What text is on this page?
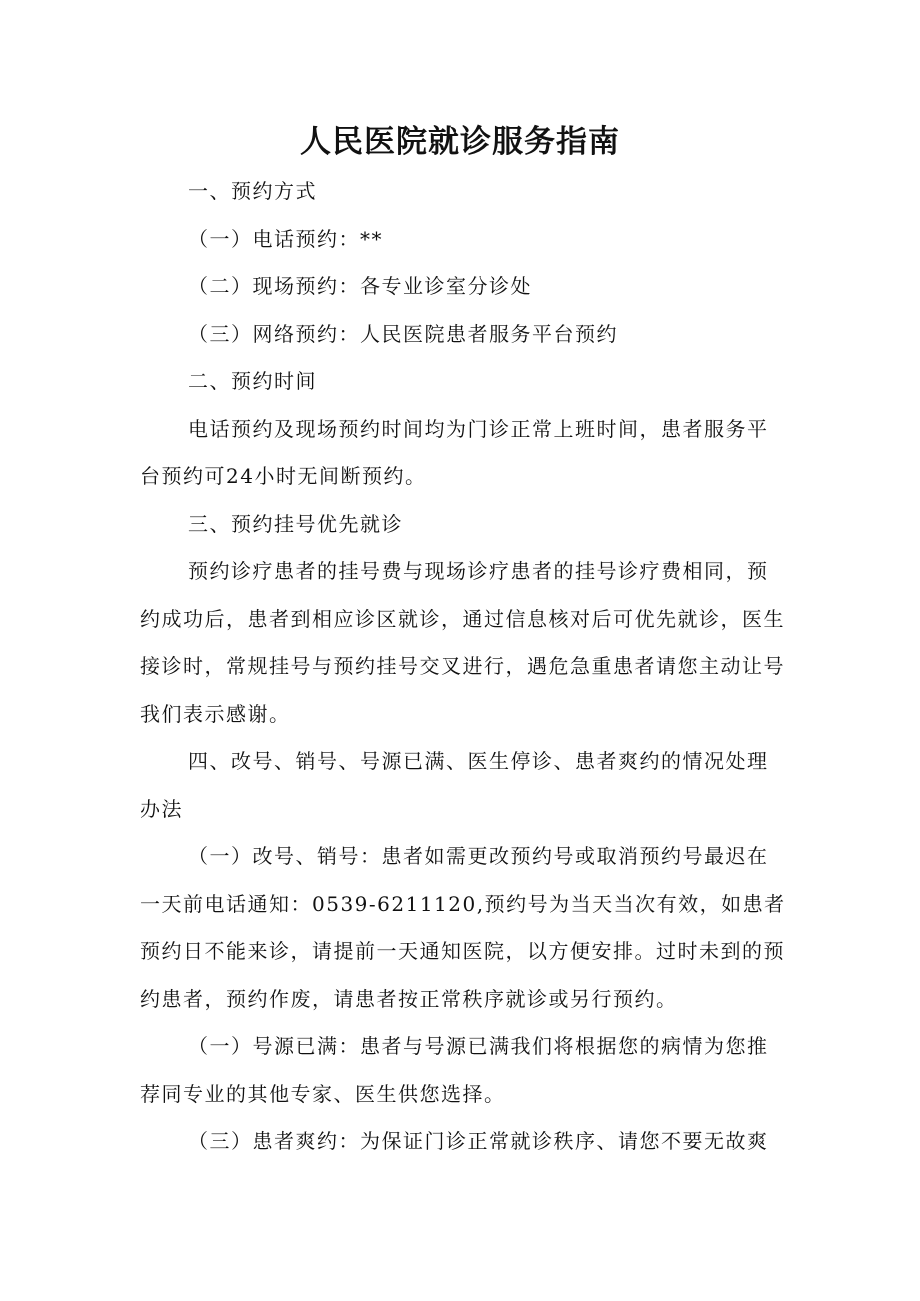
人民医院就诊服务指南

一、预约方式

（一）电话预约：**

（二）现场预约：各专业诊室分诊处

（三）网络预约：人民医院患者服务平台预约

二、预约时间

电话预约及现场预约时间均为门诊正常上班时间，患者服务平台预约可24小时无间断预约。

三、预约挂号优先就诊

预约诊疗患者的挂号费与现场诊疗患者的挂号诊疗费相同，预约成功后，患者到相应诊区就诊，通过信息核对后可优先就诊，医生接诊时，常规挂号与预约挂号交叉进行，遇危急重患者请您主动让号我们表示感谢。

四、改号、销号、号源已满、医生停诊、患者爽约的情况处理办法

（一）改号、销号：患者如需更改预约号或取消预约号最迟在一天前电话通知：0539-6211120,预约号为当天当次有效，如患者预约日不能来诊，请提前一天通知医院，以方便安排。过时未到的预约患者，预约作废，请患者按正常秩序就诊或另行预约。

（一）号源已满：患者与号源已满我们将根据您的病情为您推荐同专业的其他专家、医生供您选择。

（三）患者爽约：为保证门诊正常就诊秩序、请您不要无故爽
